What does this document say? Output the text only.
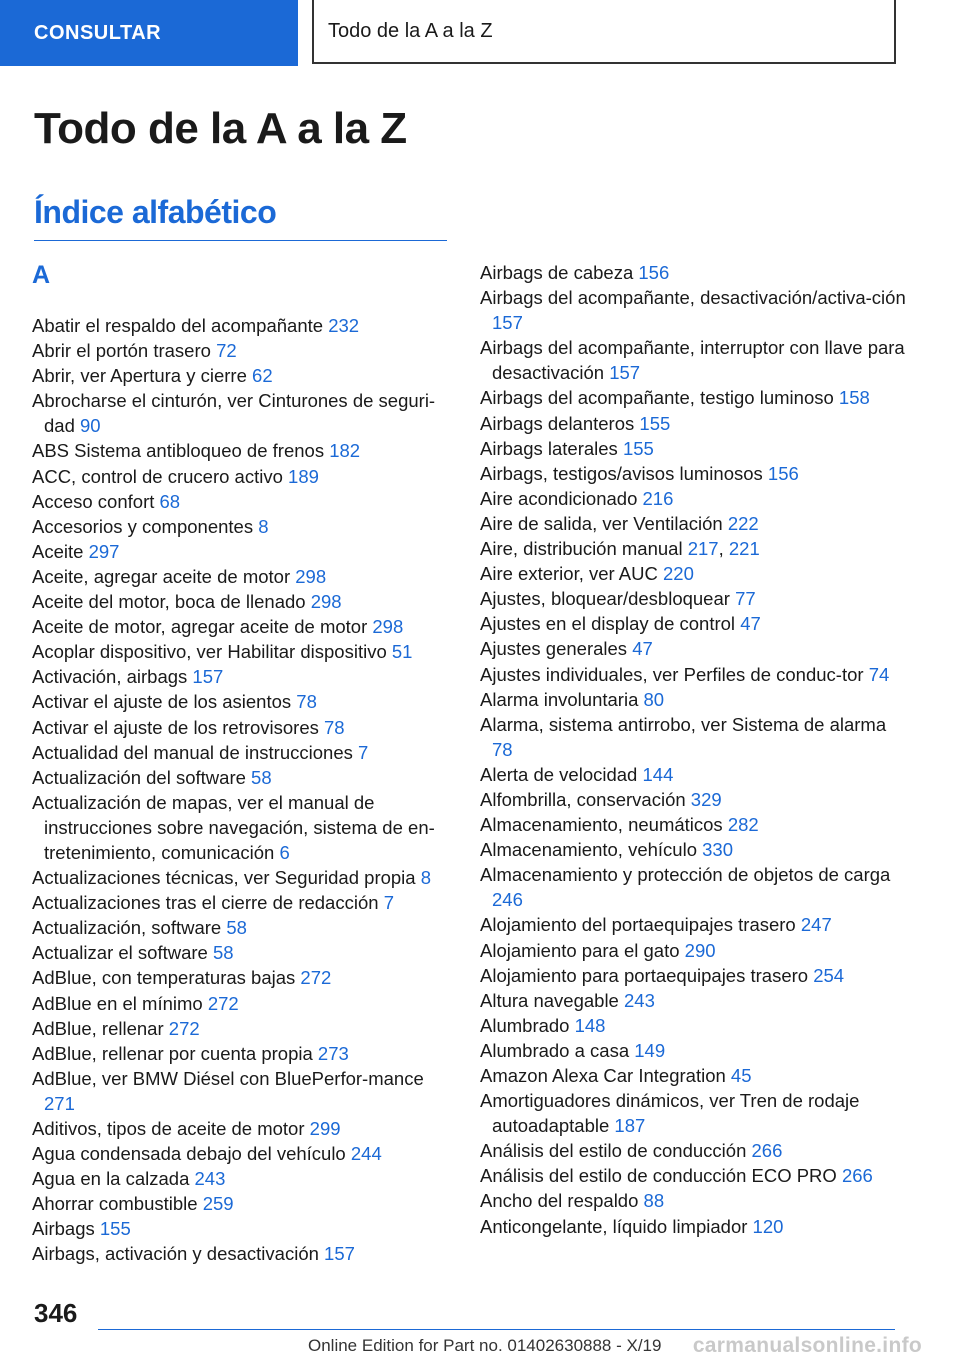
CONSULTAR	Todo de la A a la Z
Todo de la A a la Z
Índice alfabético
A
Abatir el respaldo del acompañante 232
Abrir el portón trasero 72
Abrir, ver Apertura y cierre 62
Abrocharse el cinturón, ver Cinturones de seguri-dad 90
ABS Sistema antibloqueo de frenos 182
ACC, control de crucero activo 189
Acceso confort 68
Accesorios y componentes 8
Aceite 297
Aceite, agregar aceite de motor 298
Aceite del motor, boca de llenado 298
Aceite de motor, agregar aceite de motor 298
Acoplar dispositivo, ver Habilitar dispositivo 51
Activación, airbags 157
Activar el ajuste de los asientos 78
Activar el ajuste de los retrovisores 78
Actualidad del manual de instrucciones 7
Actualización del software 58
Actualización de mapas, ver el manual de instrucciones sobre navegación, sistema de en-tretenimiento, comunicación 6
Actualizaciones técnicas, ver Seguridad propia 8
Actualizaciones tras el cierre de redacción 7
Actualización, software 58
Actualizar el software 58
AdBlue, con temperaturas bajas 272
AdBlue en el mínimo 272
AdBlue, rellenar 272
AdBlue, rellenar por cuenta propia 273
AdBlue, ver BMW Diésel con BluePerfor-mance 271
Aditivos, tipos de aceite de motor 299
Agua condensada debajo del vehículo 244
Agua en la calzada 243
Ahorrar combustible 259
Airbags 155
Airbags, activación y desactivación 157
Airbags de cabeza 156
Airbags del acompañante, desactivación/activa-ción 157
Airbags del acompañante, interruptor con llave para desactivación 157
Airbags del acompañante, testigo luminoso 158
Airbags delanteros 155
Airbags laterales 155
Airbags, testigos/avisos luminosos 156
Aire acondicionado 216
Aire de salida, ver Ventilación 222
Aire, distribución manual 217, 221
Aire exterior, ver AUC 220
Ajustes, bloquear/desbloquear 77
Ajustes en el display de control 47
Ajustes generales 47
Ajustes individuales, ver Perfiles de conduc-tor 74
Alarma involuntaria 80
Alarma, sistema antirrobo, ver Sistema de alarma 78
Alerta de velocidad 144
Alfombrilla, conservación 329
Almacenamiento, neumáticos 282
Almacenamiento, vehículo 330
Almacenamiento y protección de objetos de carga 246
Alojamiento del portaequipajes trasero 247
Alojamiento para el gato 290
Alojamiento para portaequipajes trasero 254
Altura navegable 243
Alumbrado 148
Alumbrado a casa 149
Amazon Alexa Car Integration 45
Amortiguadores dinámicos, ver Tren de rodaje autoadaptable 187
Análisis del estilo de conducción 266
Análisis del estilo de conducción ECO PRO 266
Ancho del respaldo 88
Anticongelante, líquido limpiador 120
346
Online Edition for Part no. 01402630888 - X/19 carmanualsonline.info
